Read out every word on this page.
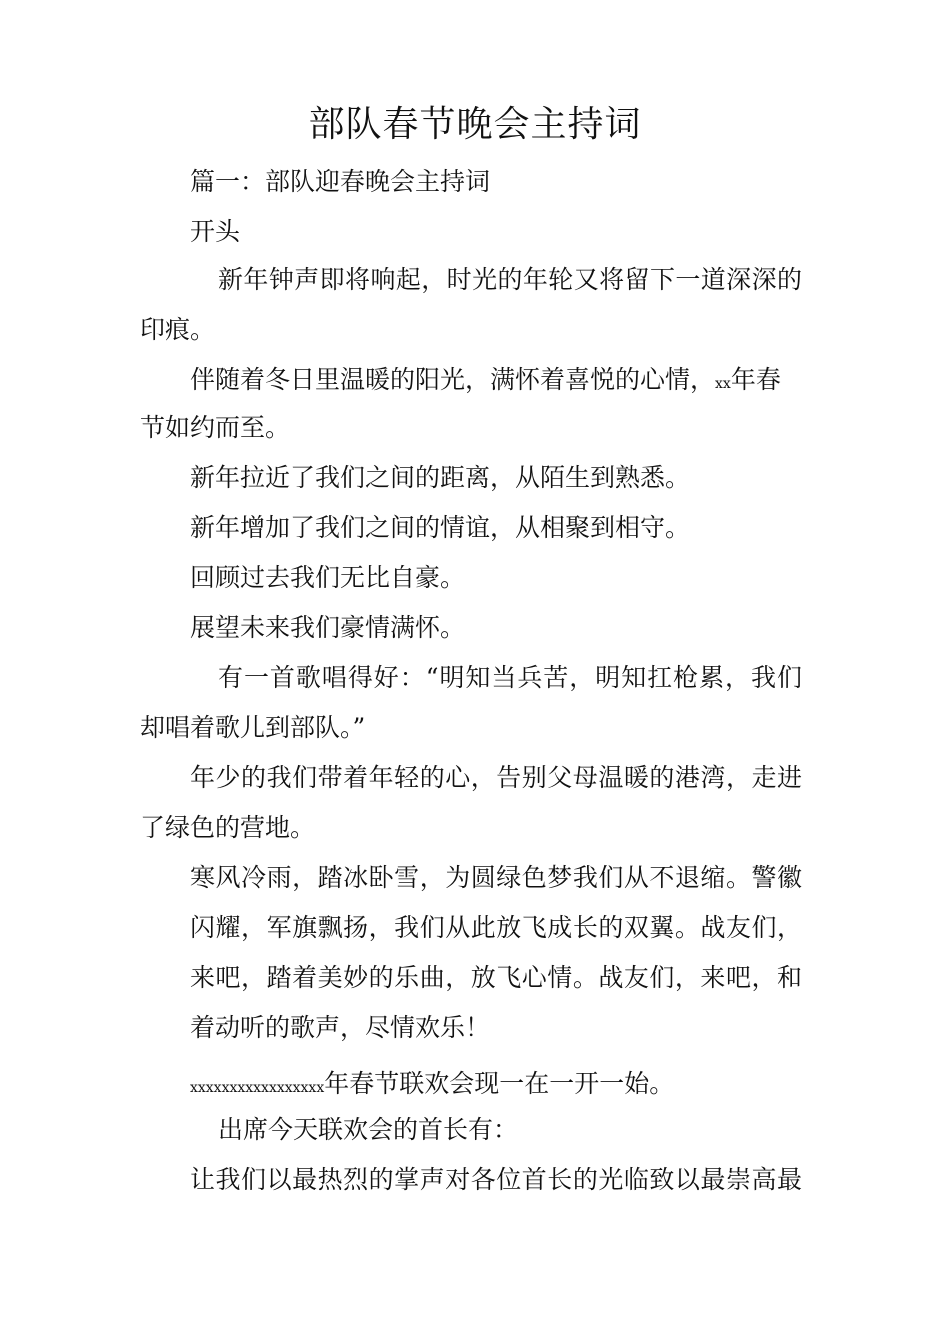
部队春节晚会主持词
篇一：部队迎春晚会主持词
开头
新年钟声即将响起，时光的年轮又将留下一道深深的
印痕。
伴随着冬日里温暖的阳光，满怀着喜悦的心情，xx年春
节如约而至。
新年拉近了我们之间的距离，从陌生到熟悉。
新年增加了我们之间的情谊，从相聚到相守。
回顾过去我们无比自豪。
展望未来我们豪情满怀。
有一首歌唱得好：“明知当兵苦，明知扛枪累，我们
却唱着歌儿到部队。”
年少的我们带着年轻的心，告别父母温暖的港湾，走进
了绿色的营地。
寒风冷雨，踏冰卧雪，为圆绿色梦我们从不退缩。警徽
闪耀，军旗飘扬，我们从此放飞成长的双翼。战友们，
来吧，踏着美妙的乐曲，放飞心情。战友们，来吧，和
着动听的歌声，尽情欢乐！
xxxxxxxxxxxxxxxxx年春节联欢会现一在一开一始。
出席今天联欢会的首长有：
让我们以最热烈的掌声对各位首长的光临致以最崇高最
